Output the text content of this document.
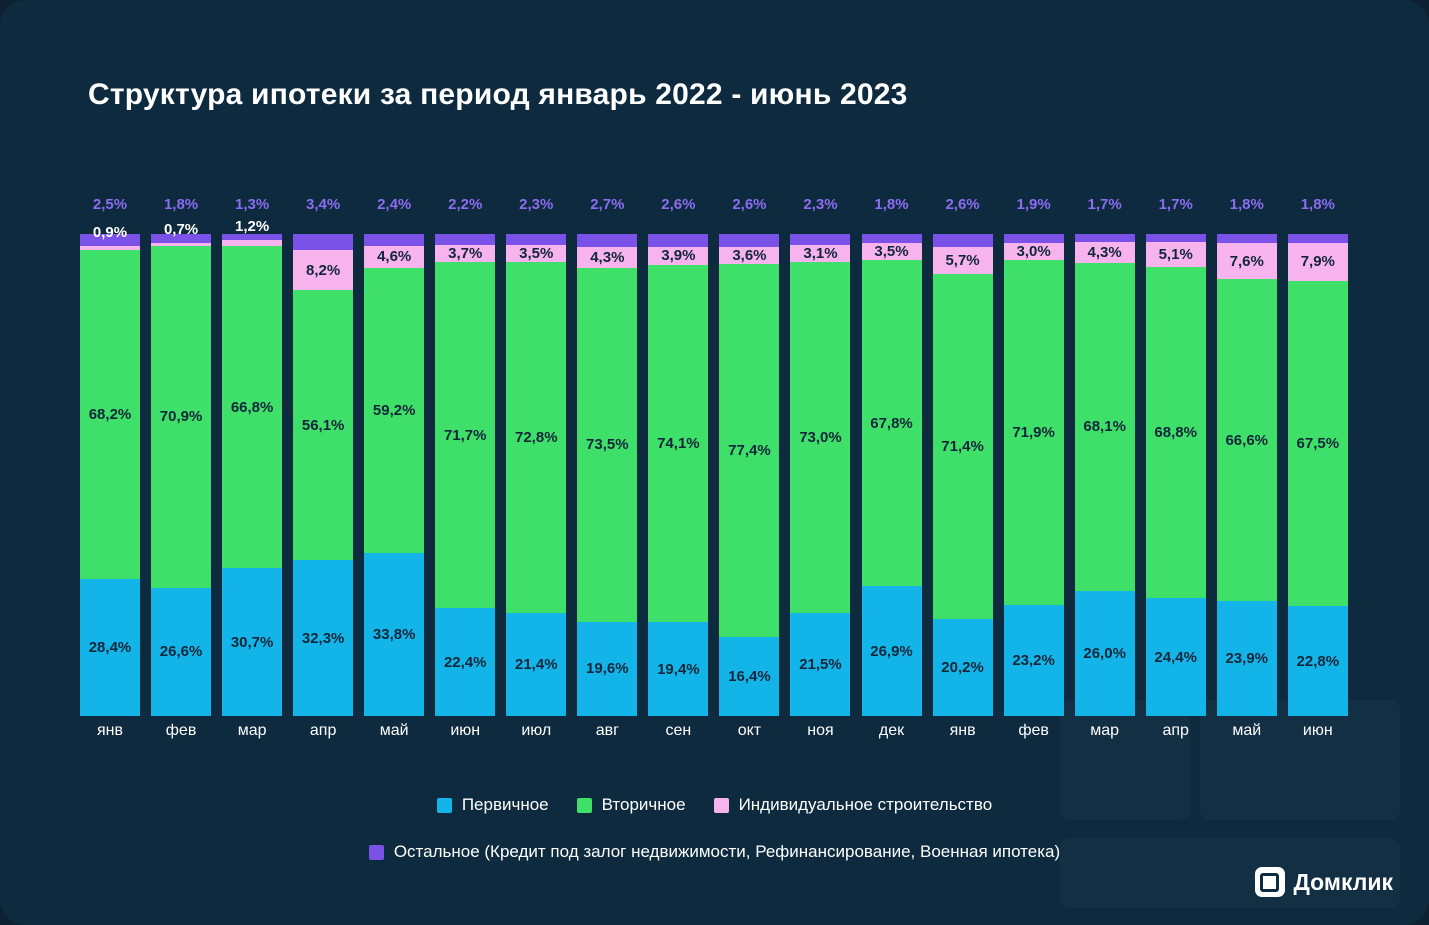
Структура ипотеки за период январь 2022 - июнь 2023
2,5%
0,9%
68,2%
28,4%
1,8%
0,7%
70,9%
26,6%
1,3%
1,2%
66,8%
30,7%
3,4%
8,2%
56,1%
32,3%
2,4%
4,6%
59,2%
33,8%
2,2%
3,7%
71,7%
22,4%
2,3%
3,5%
72,8%
21,4%
2,7%
4,3%
73,5%
19,6%
2,6%
3,9%
74,1%
19,4%
2,6%
3,6%
77,4%
16,4%
2,3%
3,1%
73,0%
21,5%
1,8%
3,5%
67,8%
26,9%
2,6%
5,7%
71,4%
20,2%
1,9%
3,0%
71,9%
23,2%
1,7%
4,3%
68,1%
26,0%
1,7%
5,1%
68,8%
24,4%
1,8%
7,6%
66,6%
23,9%
1,8%
7,9%
67,5%
22,8%
янв	фев	мар	апр	май	июн	июл	авг	сен	окт	ноя	дек	янв	фев	мар	апр	май	июн
Первичное	Вторичное	Индивидуальное строительство
Остальное (Кредит под залог недвижимости, Рефинансирование, Военная ипотека)
Домклик
